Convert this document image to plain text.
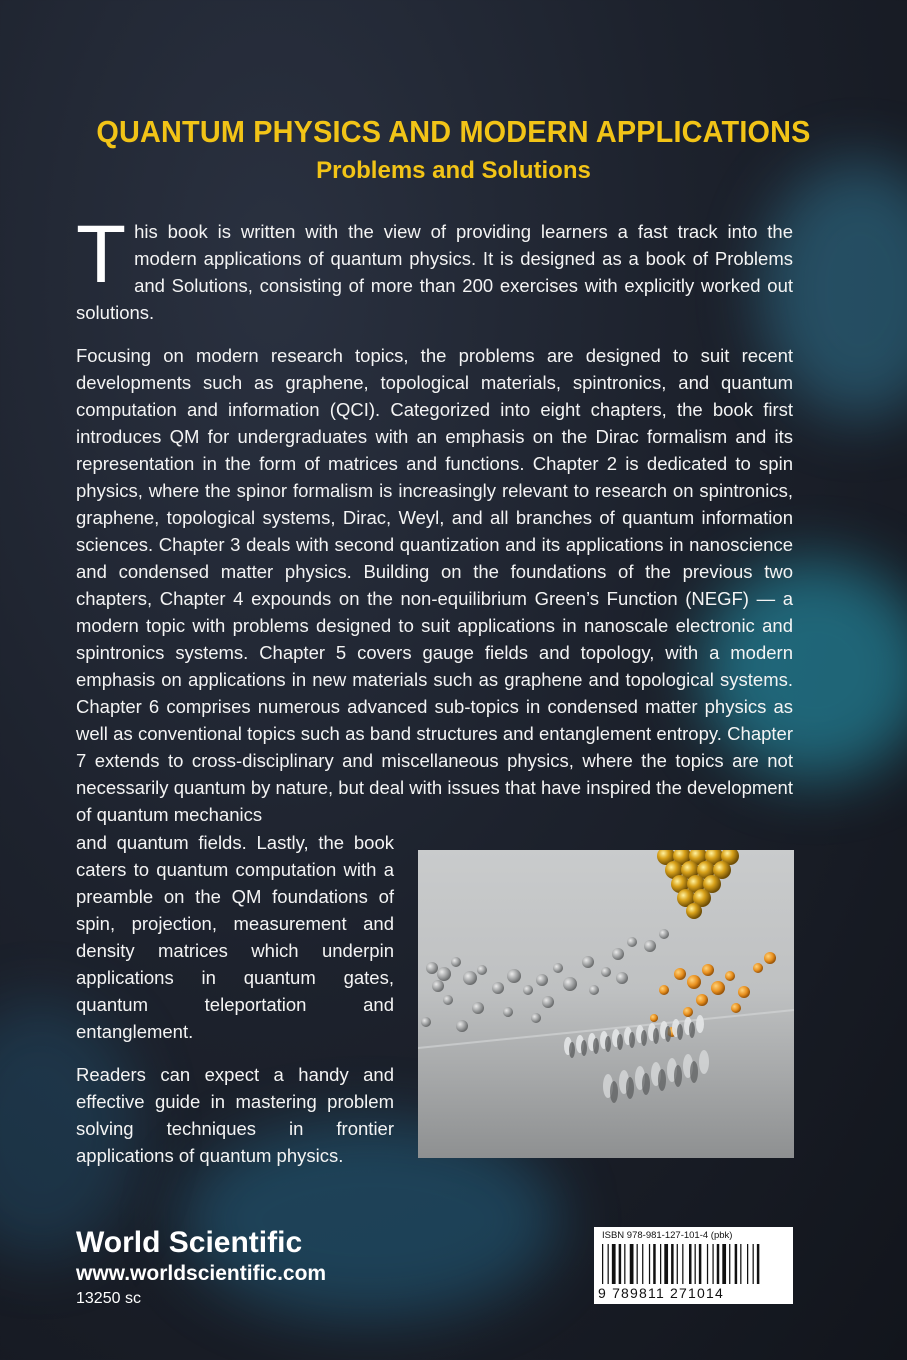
QUANTUM PHYSICS AND MODERN APPLICATIONS
Problems and Solutions
This book is written with the view of providing learners a fast track into the modern applications of quantum physics. It is designed as a book of Problems and Solutions, consisting of more than 200 exercises with explicitly worked out solutions.
Focusing on modern research topics, the problems are designed to suit recent developments such as graphene, topological materials, spintronics, and quantum computation and information (QCI). Categorized into eight chapters, the book first introduces QM for undergraduates with an emphasis on the Dirac formalism and its representation in the form of matrices and functions. Chapter 2 is dedicated to spin physics, where the spinor formalism is increasingly relevant to research on spintronics, graphene, topological systems, Dirac, Weyl, and all branches of quantum information sciences. Chapter 3 deals with second quantization and its applications in nanoscience and condensed matter physics. Building on the foundations of the previous two chapters, Chapter 4 expounds on the non-equilibrium Green’s Function (NEGF) — a modern topic with problems designed to suit applications in nanoscale electronic and spintronics systems. Chapter 5 covers gauge fields and topology, with a modern emphasis on applications in new materials such as graphene and topological systems. Chapter 6 comprises numerous advanced sub-topics in condensed matter physics as well as conventional topics such as band structures and entanglement entropy. Chapter 7 extends to cross-disciplinary and miscellaneous physics, where the topics are not necessarily quantum by nature, but deal with issues that have inspired the development of quantum mechanics
and quantum fields. Lastly, the book caters to quantum computation with a preamble on the QM foundations of spin, projection, measurement and density matrices which underpin applications in quantum gates, quantum teleportation and entanglement.
Readers can expect a handy and effective guide in mastering problem solving techniques in frontier applications of quantum physics.
World Scientific
www.worldscientific.com
13250 sc
ISBN 978-981-127-101-4 (pbk)
9 789811 271014
